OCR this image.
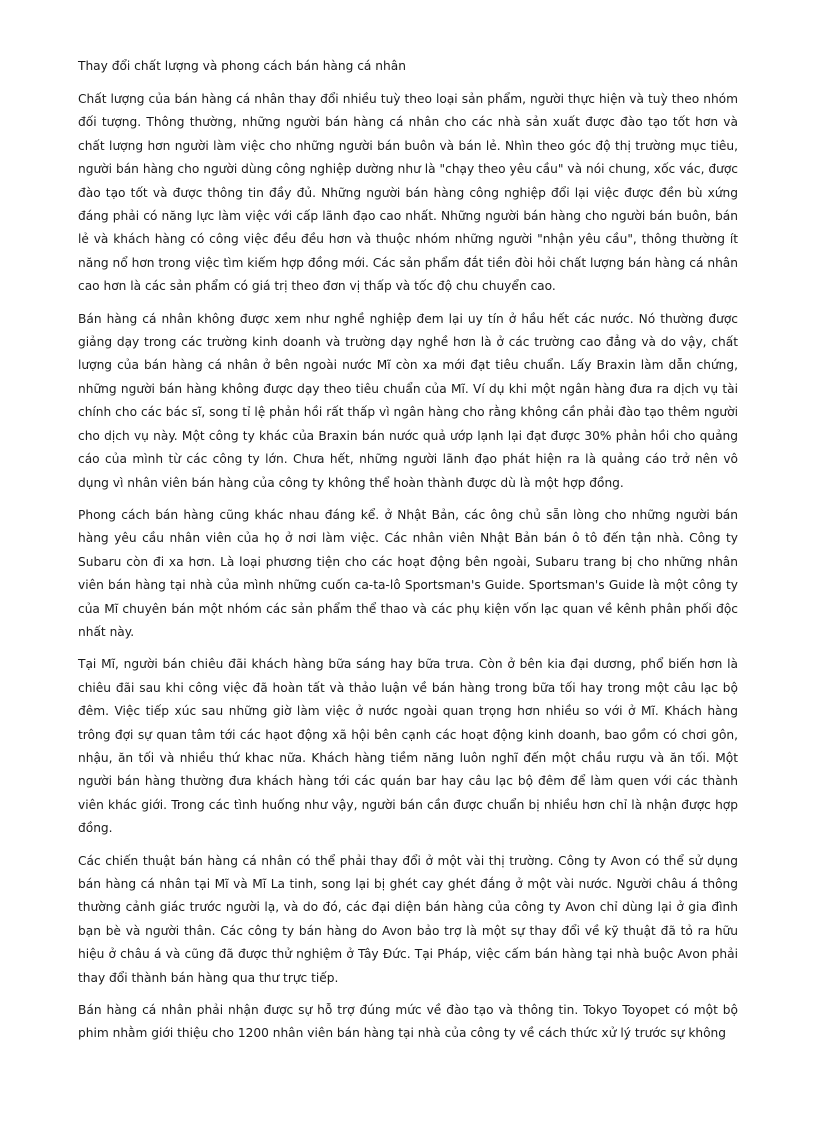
Thay đổi chất lượng và phong cách bán hàng cá nhân

Chất lượng của bán hàng cá nhân thay đổi nhiều tuỳ theo loại sản phẩm, người thực hiện và tuỳ theo nhóm đối tượng. Thông thường, những người bán hàng cá nhân cho các nhà sản xuất được đào tạo tốt hơn và chất lượng hơn người làm việc cho những người bán buôn và bán lẻ. Nhìn theo góc độ thị trường mục tiêu, người bán hàng cho người dùng công nghiệp dường như là "chạy theo yêu cầu" và nói chung, xốc vác, được đào tạo tốt và được thông tin đầy đủ. Những người bán hàng công nghiệp đổi lại việc được đền bù xứng đáng phải có năng lực làm việc với cấp lãnh đạo cao nhất. Những người bán hàng cho người bán buôn, bán lẻ và khách hàng có công việc đều đều hơn và thuộc nhóm những người "nhận yêu cầu", thông thường ít năng nổ hơn trong việc tìm kiếm hợp đồng mới. Các sản phẩm đắt tiền đòi hỏi chất lượng bán hàng cá nhân cao hơn là các sản phẩm có giá trị theo đơn vị thấp và tốc độ chu chuyển cao.

Bán hàng cá nhân không được xem như nghề nghiệp đem lại uy tín ở hầu hết các nước. Nó thường được giảng dạy trong các trường kinh doanh và trường dạy nghề hơn là ở các trường cao đẳng và do vậy, chất lượng của bán hàng cá nhân ở bên ngoài nước Mĩ còn xa mới đạt tiêu chuẩn. Lấy Braxin làm dẫn chứng, những người bán hàng không được dạy theo tiêu chuẩn của Mĩ. Ví dụ khi một ngân hàng đưa ra dịch vụ tài chính cho các bác sĩ, song tỉ lệ phản hồi rất thấp vì ngân hàng cho rằng không cần phải đào tạo thêm người cho dịch vụ này. Một công ty khác của Braxin bán nước quả ướp lạnh lại đạt được 30% phản hồi cho quảng cáo của mình từ các công ty lớn. Chưa hết, những người lãnh đạo phát hiện ra là quảng cáo trở nên vô dụng vì nhân viên bán hàng của công ty không thể hoàn thành được dù là một hợp đồng.

Phong cách bán hàng cũng khác nhau đáng kể. ở Nhật Bản, các ông chủ sẵn lòng cho những người bán hàng yêu cầu nhân viên của họ ở nơi làm việc. Các nhân viên Nhật Bản bán ô tô đến tận nhà. Công ty Subaru còn đi xa hơn. Là loại phương tiện cho các hoạt động bên ngoài, Subaru trang bị cho những nhân viên bán hàng tại nhà của mình những cuốn ca-ta-lô Sportsman's Guide. Sportsman's Guide là một công ty của Mĩ chuyên bán một nhóm các sản phẩm thể thao và các phụ kiện vốn lạc quan về kênh phân phối độc nhất này.

Tại Mĩ, người bán chiêu đãi khách hàng bữa sáng hay bữa trưa. Còn ở bên kia đại dương, phổ biến hơn là chiêu đãi sau khi công việc đã hoàn tất và thảo luận về bán hàng trong bữa tối hay trong một câu lạc bộ đêm. Việc tiếp xúc sau những giờ làm việc ở nước ngoài quan trọng hơn nhiều so với ở Mĩ. Khách hàng trông đợi sự quan tâm tới các hạot động xã hội bên cạnh các hoạt động kinh doanh, bao gồm có chơi gôn, nhậu, ăn tối và nhiều thứ khac nữa. Khách hàng tiềm năng luôn nghĩ đến một chầu rượu và ăn tối. Một người bán hàng thường đưa khách hàng tới các quán bar hay câu lạc bộ đêm để làm quen với các thành viên khác giới. Trong các tình huống như vậy, người bán cần được chuẩn bị nhiều hơn chỉ là nhận được hợp đồng.

Các chiến thuật bán hàng cá nhân có thể phải thay đổi ở một vài thị trường. Công ty Avon có thể sử dụng bán hàng cá nhân tại Mĩ và Mĩ La tinh, song lại bị ghét cay ghét đắng ở một vài nước. Người châu á thông thường cảnh giác trước người lạ, và do đó, các đại diện bán hàng của công ty Avon chỉ dùng lại ở gia đình bạn bè và người thân. Các công ty bán hàng do Avon bảo trợ là một sự thay đổi về kỹ thuật đã tỏ ra hữu hiệu ở châu á và cũng đã được thử nghiệm ở Tây Đức. Tại Pháp, việc cấm bán hàng tại nhà buộc Avon phải thay đổi thành bán hàng qua thư trực tiếp.

Bán hàng cá nhân phải nhận được sự hỗ trợ đúng mức về đào tạo và thông tin. Tokyo Toyopet có một bộ phim nhằm giới thiệu cho 1200 nhân viên bán hàng tại nhà của công ty về cách thức xử lý trước sự không
